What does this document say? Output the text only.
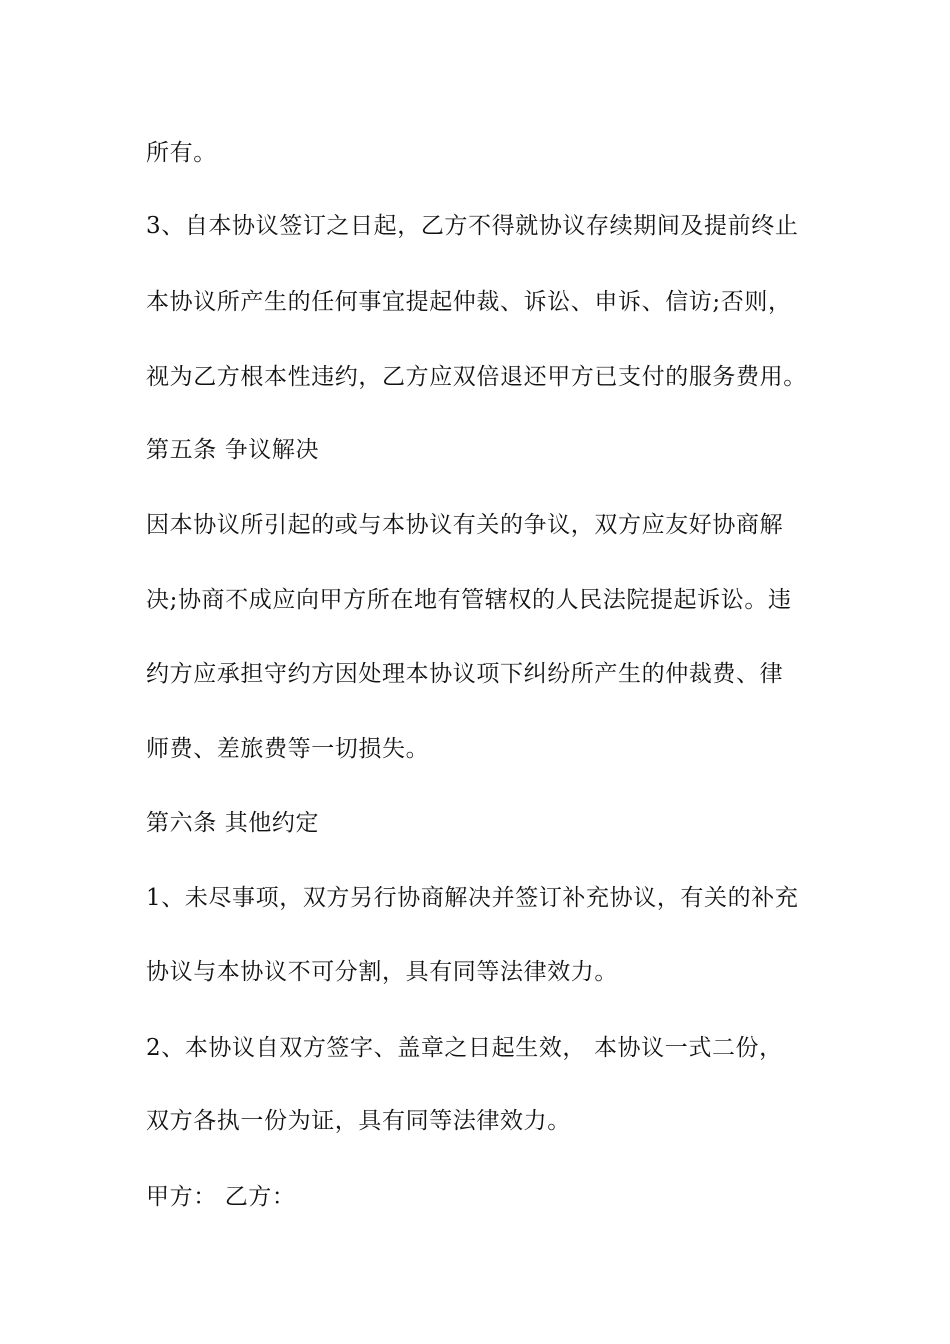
所有。
3、自本协议签订之日起，乙方不得就协议存续期间及提前终止
本协议所产生的任何事宜提起仲裁、诉讼、申诉、信访;否则，
视为乙方根本性违约，乙方应双倍退还甲方已支付的服务费用。
第五条 争议解决
因本协议所引起的或与本协议有关的争议，双方应友好协商解
决;协商不成应向甲方所在地有管辖权的人民法院提起诉讼。违
约方应承担守约方因处理本协议项下纠纷所产生的仲裁费、律
师费、差旅费等一切损失。
第六条 其他约定
1、未尽事项，双方另行协商解决并签订补充协议，有关的补充
协议与本协议不可分割，具有同等法律效力。
2、本协议自双方签字、盖章之日起生效， 本协议一式二份，
双方各执一份为证，具有同等法律效力。
甲方： 乙方：
